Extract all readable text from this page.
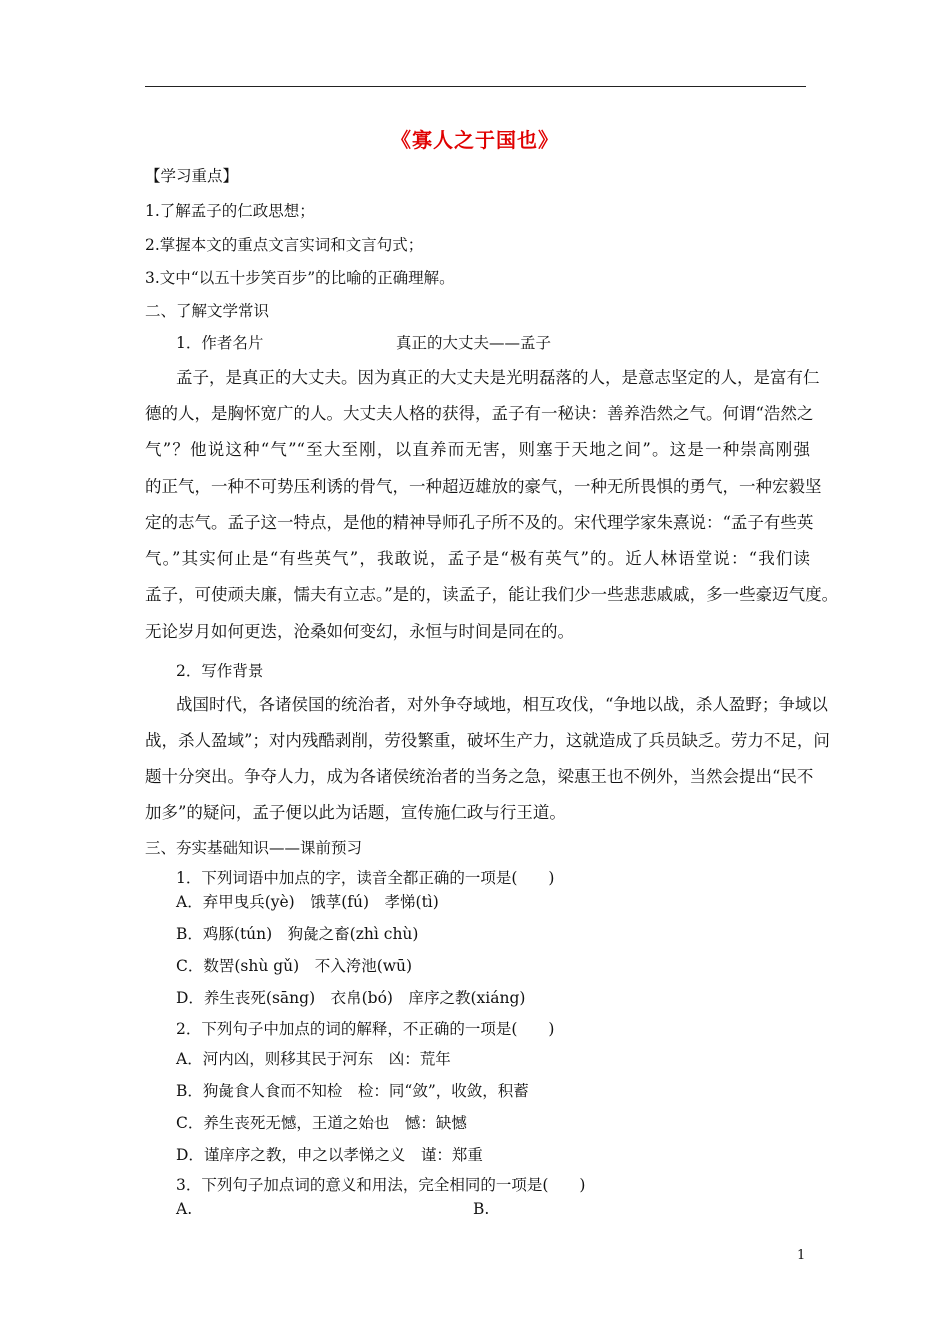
《寡人之于国也》
【学习重点】
1.了解孟子的仁政思想；
2.掌握本文的重点文言实词和文言句式；
3.文中“以五十步笑百步”的比喻的正确理解。
二、了解文学常识
1．作者名片	真正的大丈夫——孟子
孟子，是真正的大丈夫。因为真正的大丈夫是光明磊落的人，是意志坚定的人，是富有仁
德的人，是胸怀宽广的人。大丈夫人格的获得，孟子有一秘诀：善养浩然之气。何谓“浩然之
气”？他说这种“气”“至大至刚，以直养而无害，则塞于天地之间”。这是一种崇高刚强
的正气，一种不可势压利诱的骨气，一种超迈雄放的豪气，一种无所畏惧的勇气，一种宏毅坚
定的志气。孟子这一特点，是他的精神导师孔子所不及的。宋代理学家朱熹说：“孟子有些英
气。”其实何止是“有些英气”，我敢说，孟子是“极有英气”的。近人林语堂说：“我们读
孟子，可使顽夫廉，懦夫有立志。”是的，读孟子，能让我们少一些悲悲戚戚，多一些豪迈气度。
无论岁月如何更迭，沧桑如何变幻，永恒与时间是同在的。
2．写作背景
战国时代，各诸侯国的统治者，对外争夺域地，相互攻伐，“争地以战，杀人盈野；争域以
战，杀人盈域”；对内残酷剥削，劳役繁重，破坏生产力，这就造成了兵员缺乏。劳力不足，问
题十分突出。争夺人力，成为各诸侯统治者的当务之急，梁惠王也不例外，当然会提出“民不
加多”的疑问，孟子便以此为话题，宣传施仁政与行王道。
三、夯实基础知识——课前预习
1．下列词语中加点的字，读音全都正确的一项是(　　)
A．弃甲曳兵(yè)　饿莩(fú)　孝悌(tì)
B．鸡豚(tún)　狗彘之畜(zhì chù)
C．数罟(shù gǔ)　不入洿池(wū)
D．养生丧死(sāng)　衣帛(bó)　庠序之教(xiáng)
2．下列句子中加点的词的解释，不正确的一项是(　　)
A．河内凶，则移其民于河东　凶：荒年
B．狗彘食人食而不知检　检：同“敛”，收敛，积蓄
C．养生丧死无憾，王道之始也　憾：缺憾
D．谨庠序之教，申之以孝悌之义　谨：郑重
3．下列句子加点词的意义和用法，完全相同的一项是(　　)
A.	B.
1
